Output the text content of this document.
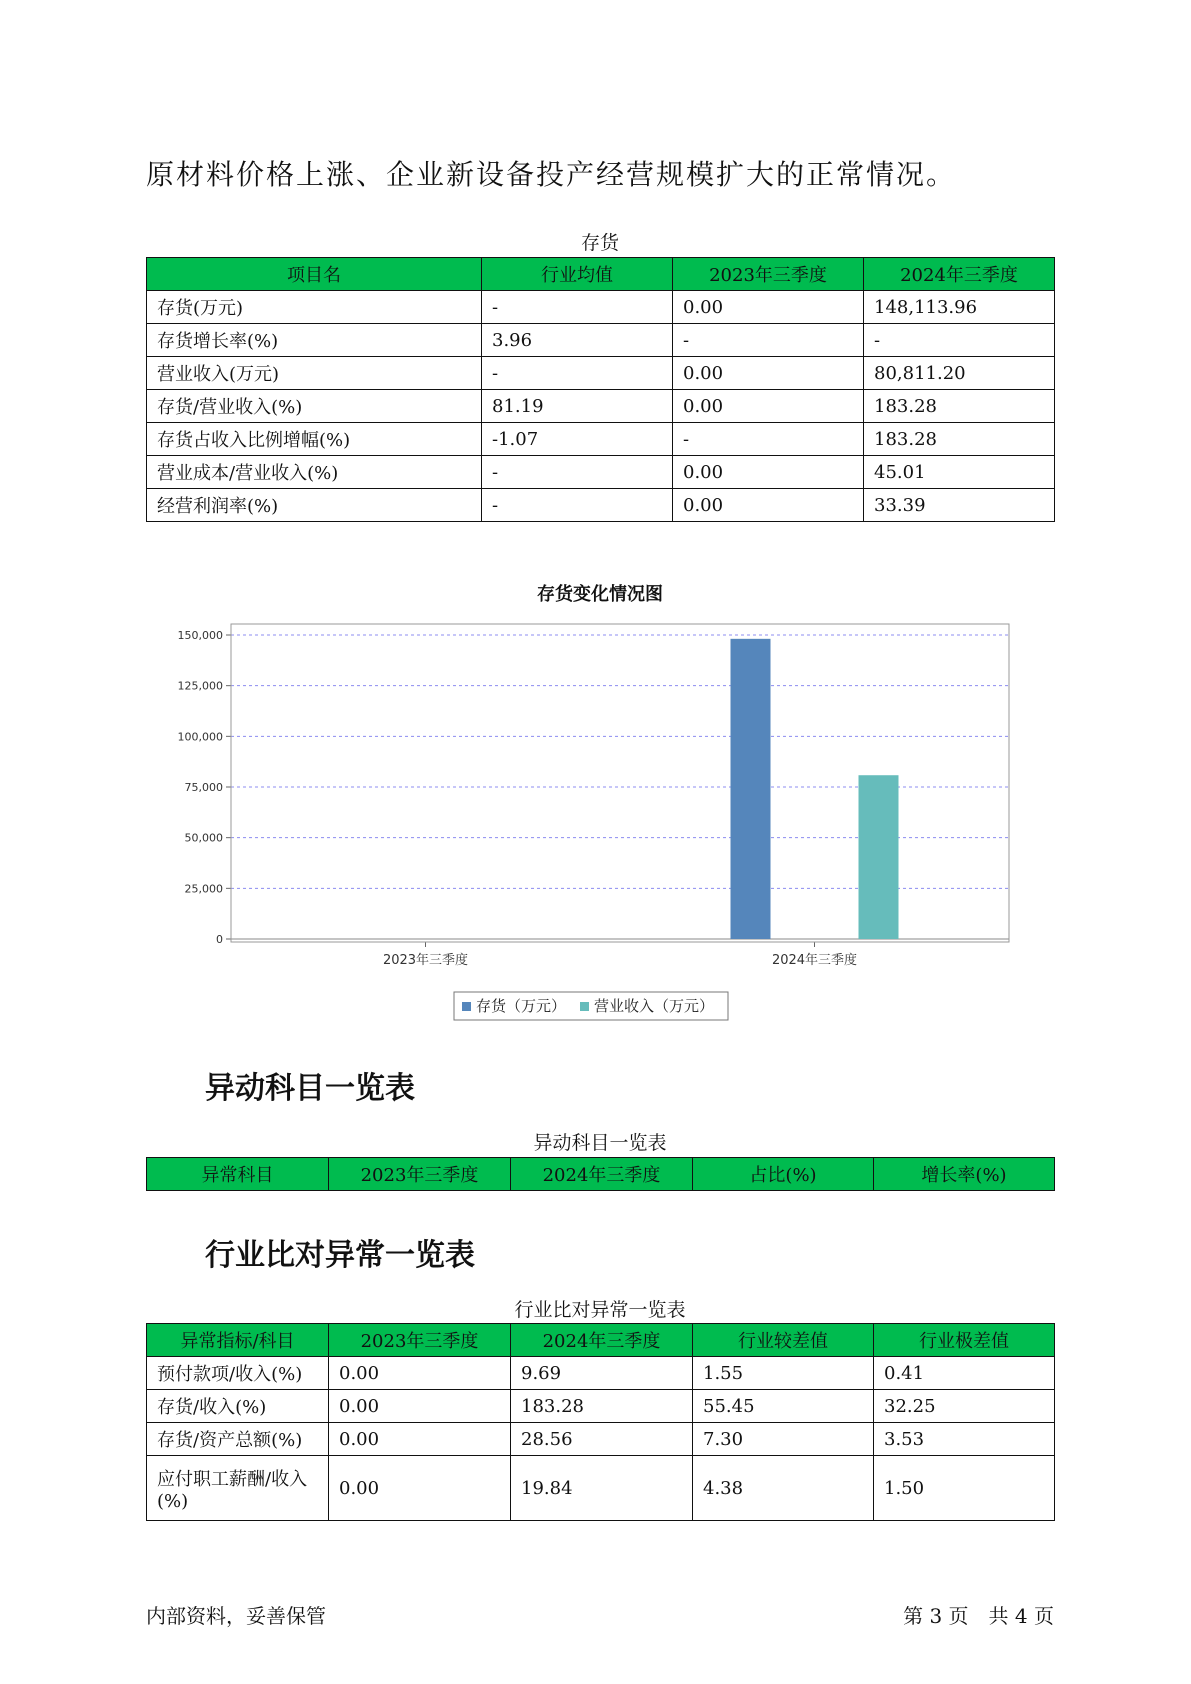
原材料价格上涨、企业新设备投产经营规模扩大的正常情况。
存货
项目名	行业均值	2023年三季度	2024年三季度
存货(万元)	-	0.00	148,113.96
存货增长率(%)	3.96	-	-
营业收入(万元)	-	0.00	80,811.20
存货/营业收入(%)	81.19	0.00	183.28
存货占收入比例增幅(%)	-1.07	-	183.28
营业成本/营业收入(%)	-	0.00	45.01
经营利润率(%)	-	0.00	33.39
存货变化情况图
0
25,000
50,000
75,000
100,000
125,000
150,000
2023年三季度	2024年三季度
存货（万元） 营业收入（万元）
异动科目一览表
异动科目一览表
异常科目	2023年三季度	2024年三季度	占比(%)	增长率(%)
行业比对异常一览表
行业比对异常一览表
异常指标/科目	2023年三季度	2024年三季度	行业较差值	行业极差值
预付款项/收入(%)	0.00	9.69	1.55	0.41
存货/收入(%)	0.00	183.28	55.45	32.25
存货/资产总额(%)	0.00	28.56	7.30	3.53
应付职工薪酬/收入(%)	0.00	19.84	4.38	1.50
内部资料，妥善保管	第 3 页　共 4 页
